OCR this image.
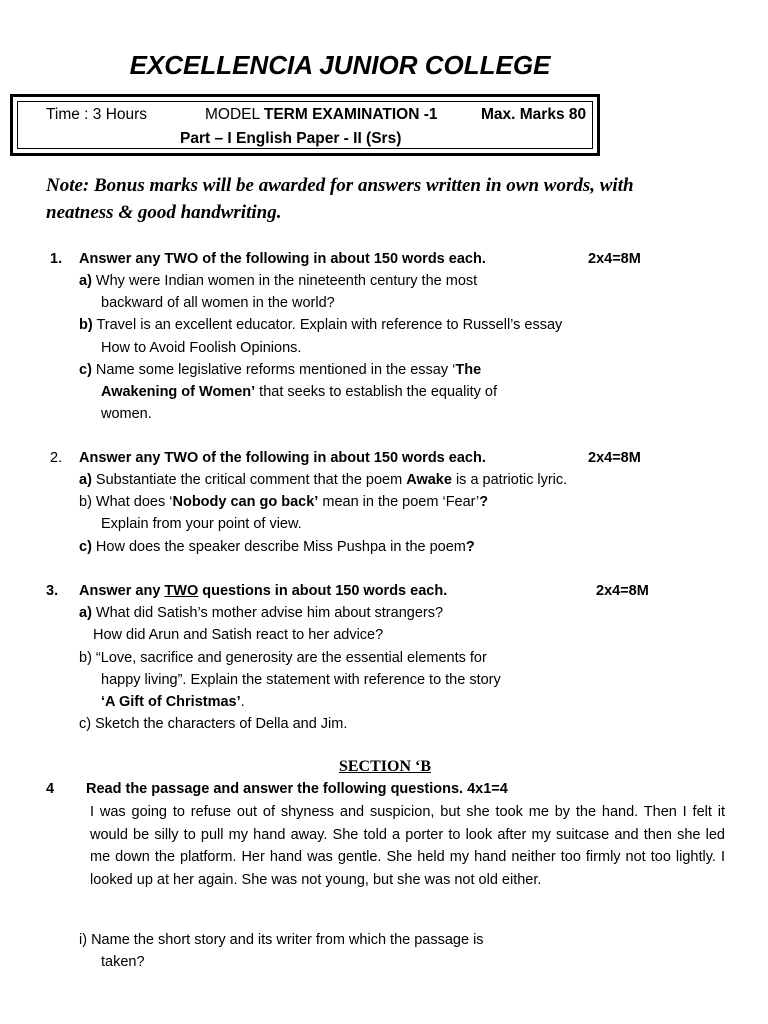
EXCELLENCIA JUNIOR COLLEGE
Time : 3 Hours	MODEL TERM EXAMINATION -1	Max. Marks 80
Part – I English Paper - II (Srs)
Note: Bonus marks will be awarded for answers written in own words, with
neatness & good handwriting.
1. Answer any TWO of the following in about 150 words each.	2x4=8M
a) Why were Indian women in the nineteenth century the most
backward of all women in the world?
b) Travel is an excellent educator. Explain with reference to Russell’s essay
How to Avoid Foolish Opinions.
c) Name some legislative reforms mentioned in the essay ‘The
Awakening of Women’ that seeks to establish the equality of
women.
2. Answer any TWO of the following in about 150 words each.	2x4=8M
a) Substantiate the critical comment that the poem Awake is a patriotic lyric.
b) What does ‘Nobody can go back’ mean in the poem ‘Fear’?
Explain from your point of view.
c) How does the speaker describe Miss Pushpa in the poem?
3. Answer any TWO questions in about 150 words each.	2x4=8M
a) What did Satish’s mother advise him about strangers?
How did Arun and Satish react to her advice?
b) “Love, sacrifice and generosity are the essential elements for
happy living”. Explain the statement with reference to the story
‘A Gift of Christmas’.
c) Sketch the characters of Della and Jim.
SECTION ‘B
4 Read the passage and answer the following questions. 4x1=4
I was going to refuse out of shyness and suspicion, but she took me by the hand. Then I felt it would be silly to pull my hand away. She told a porter to look after my suitcase and then she led me down the platform. Her hand was gentle. She held my hand neither too firmly not too lightly. I looked up at her again. She was not young, but she was not old either.
i) Name the short story and its writer from which the passage is
taken?
